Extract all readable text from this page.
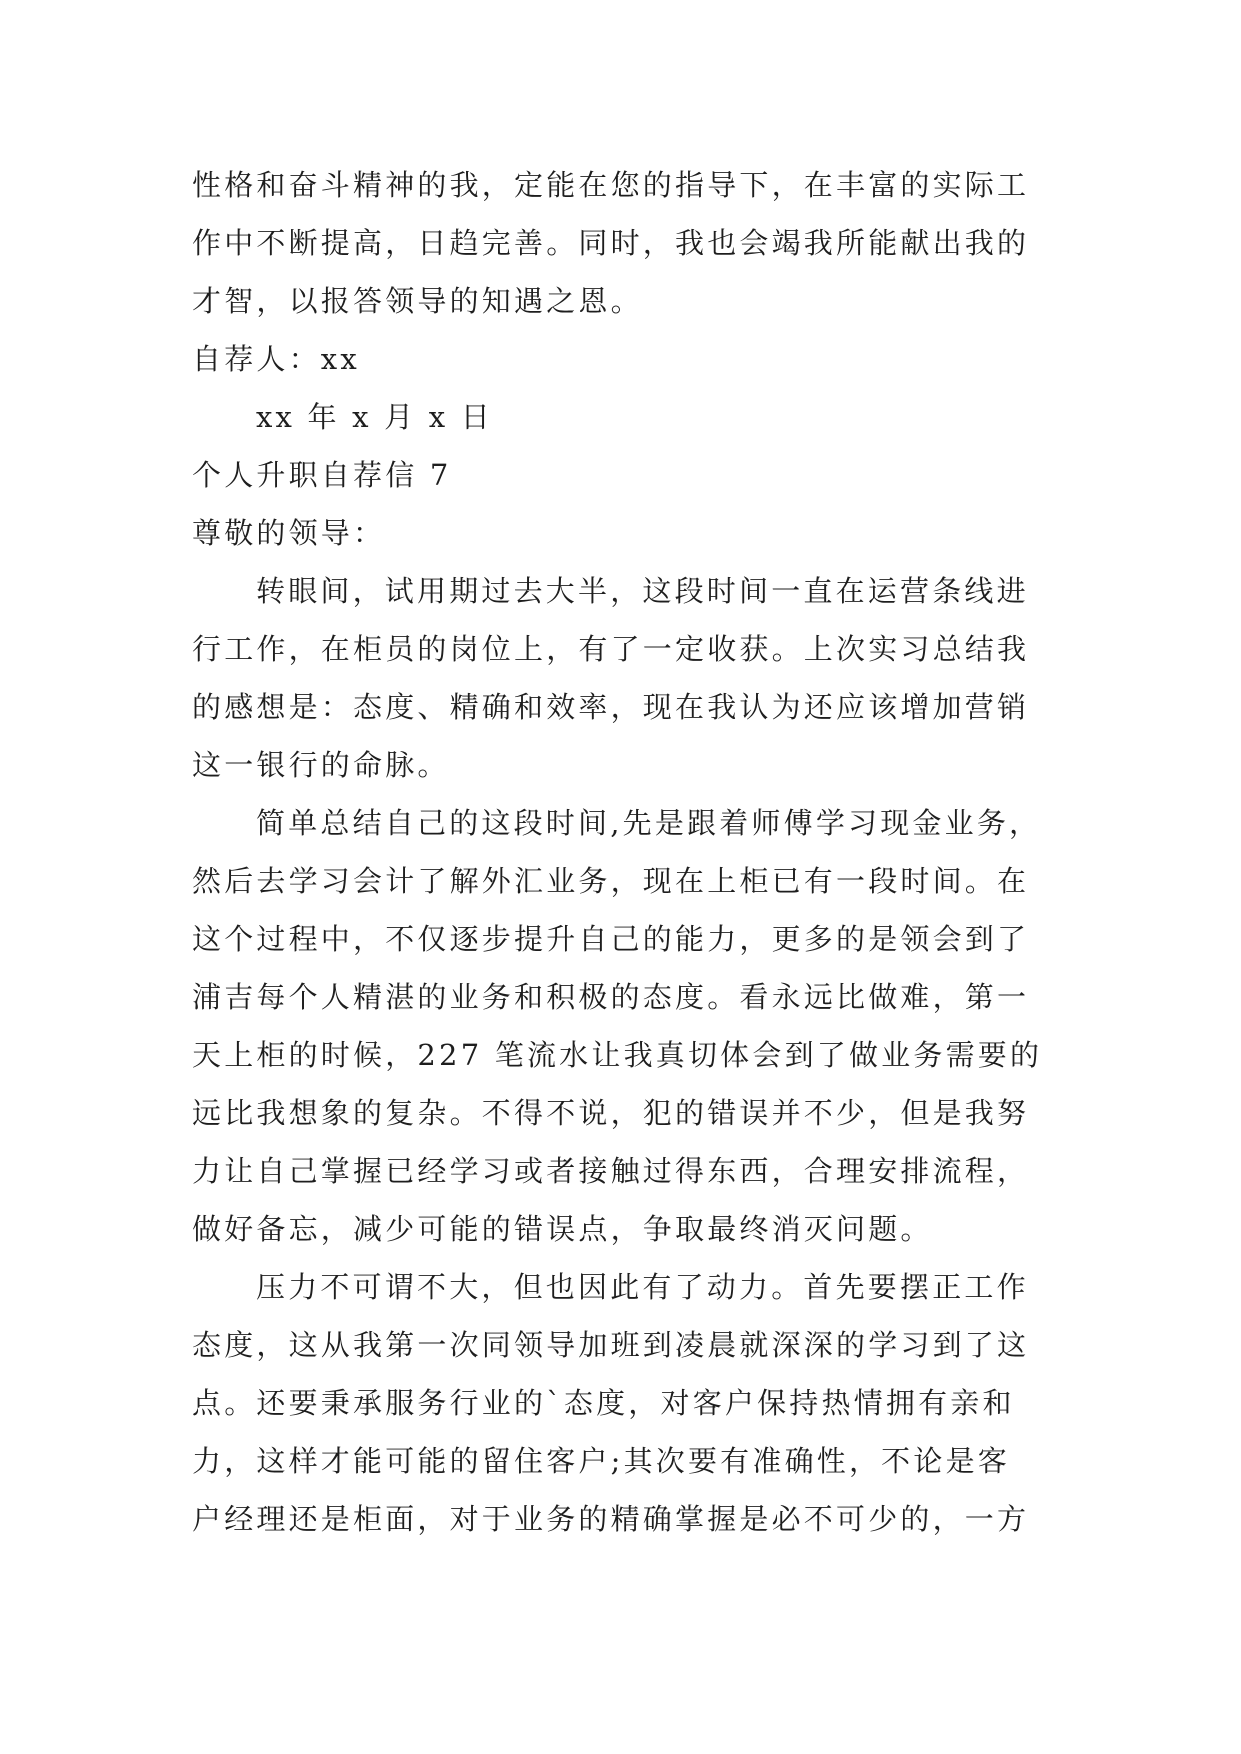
性格和奋斗精神的我，定能在您的指导下，在丰富的实际工
作中不断提高，日趋完善。同时，我也会竭我所能献出我的
才智，以报答领导的知遇之恩。

自荐人：xx

xx 年 x 月 x 日

个人升职自荐信 7

尊敬的领导：

转眼间，试用期过去大半，这段时间一直在运营条线进
行工作，在柜员的岗位上，有了一定收获。上次实习总结我
的感想是：态度、精确和效率，现在我认为还应该增加营销
这一银行的命脉。

简单总结自己的这段时间,先是跟着师傅学习现金业务，
然后去学习会计了解外汇业务，现在上柜已有一段时间。在
这个过程中，不仅逐步提升自己的能力，更多的是领会到了
浦吉每个人精湛的业务和积极的态度。看永远比做难，第一
天上柜的时候，227 笔流水让我真切体会到了做业务需要的
远比我想象的复杂。不得不说，犯的错误并不少，但是我努
力让自己掌握已经学习或者接触过得东西，合理安排流程，
做好备忘，减少可能的错误点，争取最终消灭问题。

压力不可谓不大，但也因此有了动力。首先要摆正工作
态度，这从我第一次同领导加班到凌晨就深深的学习到了这
点。还要秉承服务行业的`态度，对客户保持热情拥有亲和
力，这样才能可能的留住客户;其次要有准确性，不论是客
户经理还是柜面，对于业务的精确掌握是必不可少的，一方
